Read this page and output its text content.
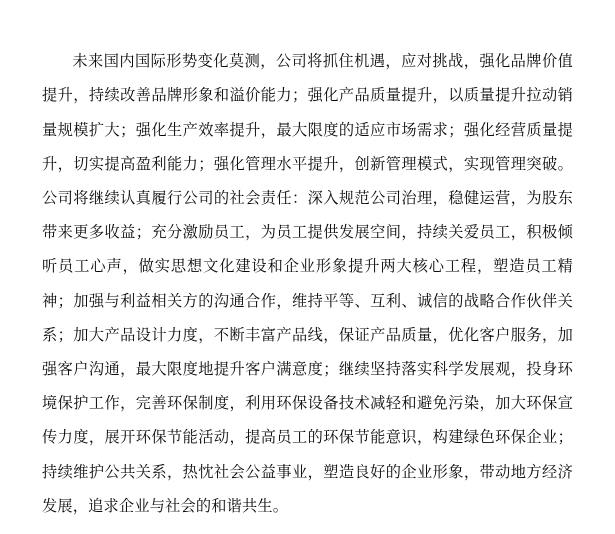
未来国内国际形势变化莫测，公司将抓住机遇，应对挑战，强化品牌价值提升，持续改善品牌形象和溢价能力；强化产品质量提升，以质量提升拉动销量规模扩大；强化生产效率提升，最大限度的适应市场需求；强化经营质量提升，切实提高盈利能力；强化管理水平提升，创新管理模式，实现管理突破。公司将继续认真履行公司的社会责任：深入规范公司治理，稳健运营，为股东带来更多收益；充分激励员工，为员工提供发展空间，持续关爱员工，积极倾听员工心声，做实思想文化建设和企业形象提升两大核心工程，塑造员工精神；加强与利益相关方的沟通合作，维持平等、互利、诚信的战略合作伙伴关系；加大产品设计力度，不断丰富产品线，保证产品质量，优化客户服务，加强客户沟通，最大限度地提升客户满意度；继续坚持落实科学发展观，投身环境保护工作，完善环保制度，利用环保设备技术减轻和避免污染，加大环保宣传力度，展开环保节能活动，提高员工的环保节能意识，构建绿色环保企业；持续维护公共关系，热忱社会公益事业，塑造良好的企业形象，带动地方经济发展，追求企业与社会的和谐共生。
